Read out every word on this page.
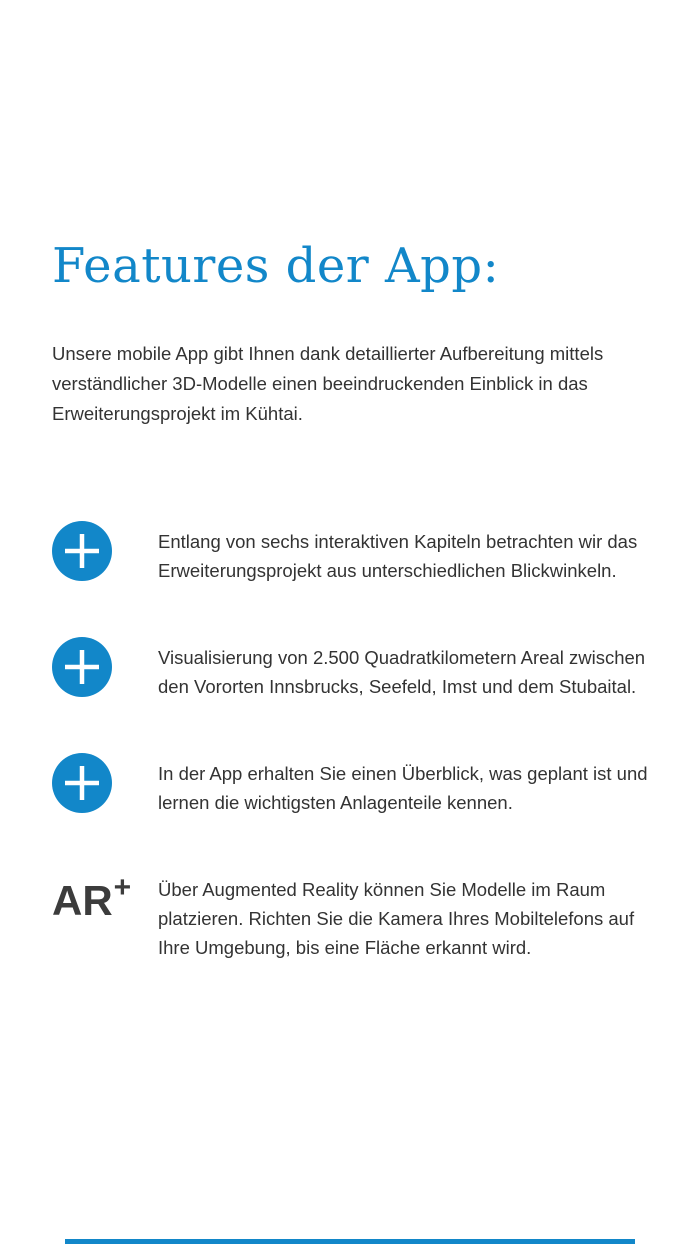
Features der App:

Unsere mobile App gibt Ihnen dank detaillierter Aufbereitung mittels verständlicher 3D-Modelle einen beeindruckenden Einblick in das Erweiterungsprojekt im Kühtai.

Entlang von sechs interaktiven Kapiteln betrachten wir das Erweiterungsprojekt aus unterschiedlichen Blickwinkeln.
Visualisierung von 2.500 Quadratkilometern Areal zwischen den Vororten Innsbrucks, Seefeld, Imst und dem Stubaital.
In der App erhalten Sie einen Überblick, was geplant ist und lernen die wichtigsten Anlagenteile kennen.
AR+ Über Augmented Reality können Sie Modelle im Raum platzieren. Richten Sie die Kamera Ihres Mobiltelefons auf Ihre Umgebung, bis eine Fläche erkannt wird.
